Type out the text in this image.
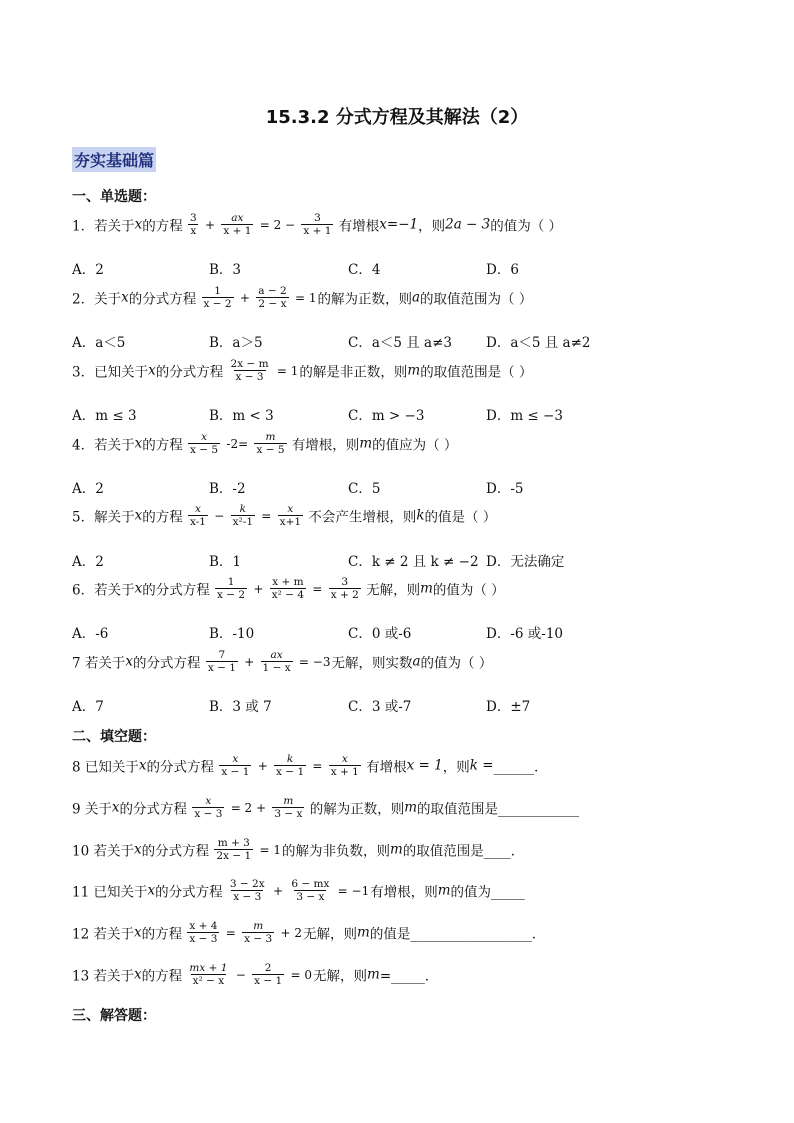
15.3.2 分式方程及其解法（2）
夯实基础篇
一、单选题：
1．若关于x的方程 $\frac{3}{x} + \frac{ax}{x + 1} = 2 - \frac{3}{x + 1}$ 有增根x=−1，则2a − 3的值为（ ）
A．2	B．3	C．4	D．6
2．关于x的分式方程 $\frac{1}{x - 2} + \frac{a - 2}{2 - x} = 1$的解为正数，则a的取值范围为（ ）
A．a＜5	B．a＞5	C．a＜5 且 a≠3	D．a＜5 且 a≠2
3．已知关于x的分式方程 $\frac{2x - m}{x - 3} = 1$的解是非正数，则m的取值范围是（ ）
A．m ≤ 3	B．m < 3	C．m > −3	D．m ≤ −3
4．若关于x的方程 $\frac{x}{x - 5} -2= \frac{m}{x - 5}$ 有增根，则m的值应为（ ）
A．2	B．-2	C．5	D．-5
5．解关于x的方程 $\frac{x}{x-1} - \frac{k}{\text{x²-1}} = \frac{x}{x+1}$ 不会产生增根，则k的值是（ ）
A．2	B．1	C．k ≠ 2 且 k ≠ −2 D．无法确定
6．若关于x的分式方程 $\frac{1}{x - 2} + \frac{x + m}{\text{x² − 4}} = \frac{3}{x + 2}$ 无解，则m的值为（ ）
A．-6	B．-10	C．0 或-6	D．-6 或-10
7 若关于x的分式方程 $\frac{7}{x - 1} + \frac{ax}{1 - x} = -3$无解，则实数a的值为（ ）
A．7	B．3 或 7	C．3 或-7	D．±7
二、填空题：
8 已知关于x的分式方程 $\frac{x}{x - 1} + \frac{k}{x - 1} = \frac{x}{x + 1}$ 有增根x = 1，则k =______．
9 关于x的分式方程 $\frac{x}{x - 3} = 2 + \frac{m}{3 - x}$ 的解为正数，则m的取值范围是____________
10 若关于x的分式方程 $\frac{m + 3}{2x - 1} = 1$的解为非负数，则m的取值范围是____．
11 已知关于x的分式方程 $\frac{3 - 2x}{x - 3} + \frac{6 - mx}{3 - x} = -1$有增根，则m的值为_____
12 若关于x的方程 $\frac{x + 4}{x - 3} = \frac{m}{x - 3} + 2$无解，则m的值是__________________．
13 若关于x的方程 $\frac{mx + 1}{\text{x² − x}} - \frac{2}{x - 1} = 0$无解，则m=_____．
三、解答题：
